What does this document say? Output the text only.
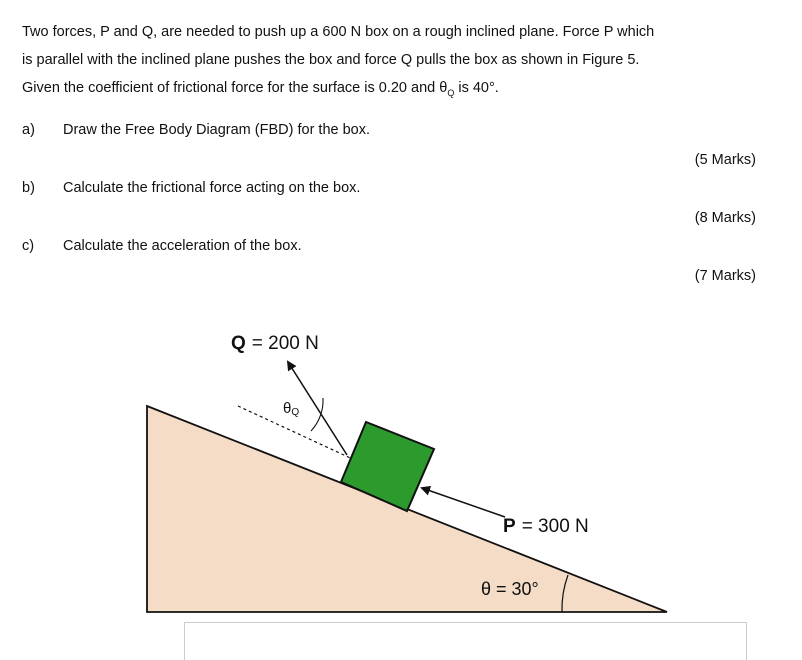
Two forces, P and Q, are needed to push up a 600 N box on a rough inclined plane. Force P which
is parallel with the inclined plane pushes the box and force Q pulls the box as shown in Figure 5.
Given the coefficient of frictional force for the surface is 0.20 and $\theta_Q$ is 40°.

a) Draw the Free Body Diagram (FBD) for the box.

(5 Marks)

b) Calculate the frictional force acting on the box.

(8 Marks)

c) Calculate the acceleration of the box.

(7 Marks)

Q = 200 N
θQ
P = 300 N
θ = 30°
